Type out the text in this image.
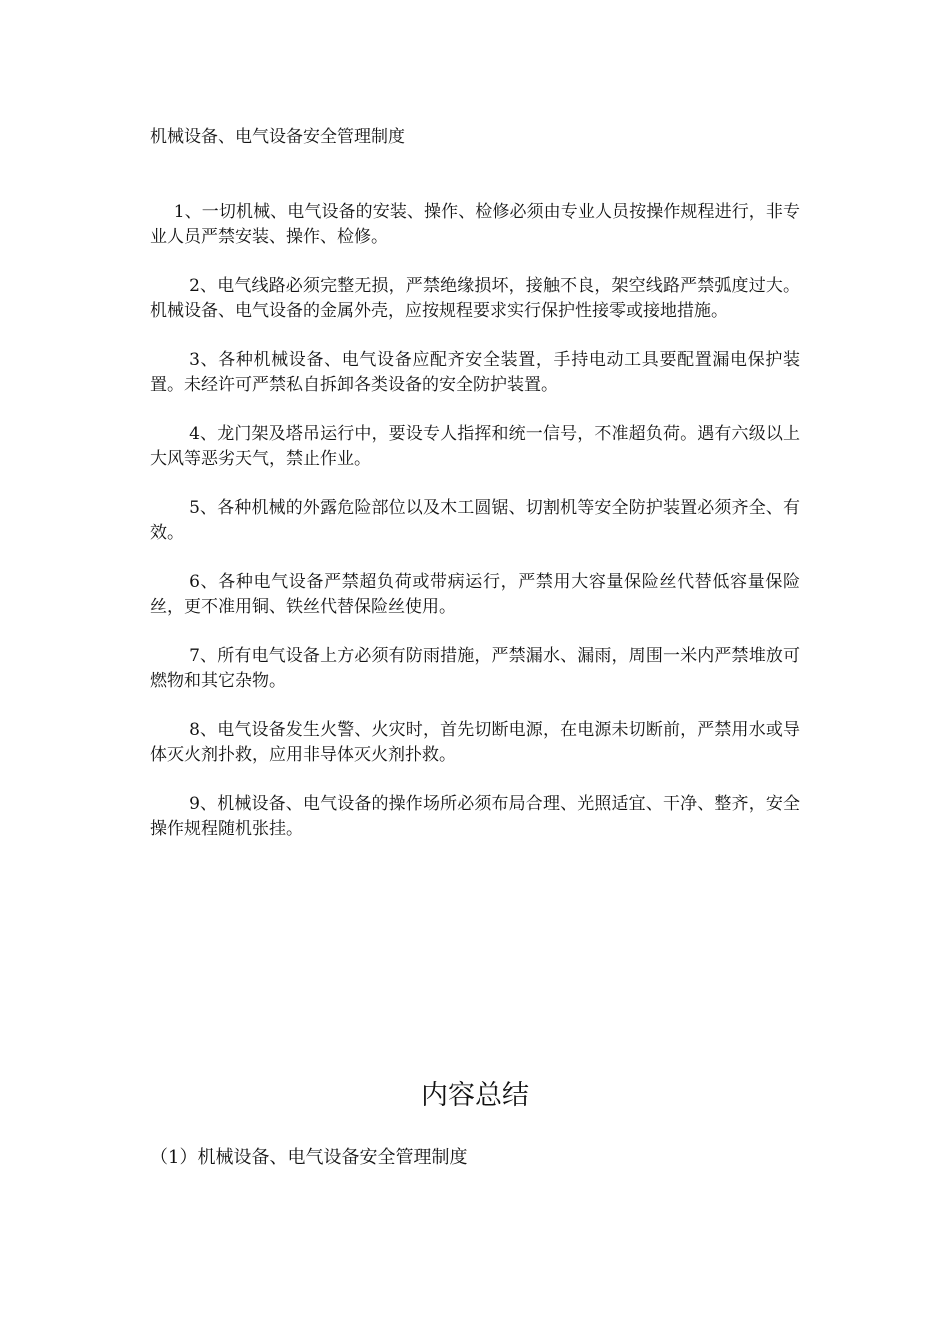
机械设备、电气设备安全管理制度

1、一切机械、电气设备的安装、操作、检修必须由专业人员按操作规程进行，非专业人员严禁安装、操作、检修。

2、电气线路必须完整无损，严禁绝缘损坏，接触不良，架空线路严禁弧度过大。机械设备、电气设备的金属外壳，应按规程要求实行保护性接零或接地措施。

3、各种机械设备、电气设备应配齐安全装置，手持电动工具要配置漏电保护装置。未经许可严禁私自拆卸各类设备的安全防护装置。

4、龙门架及塔吊运行中，要设专人指挥和统一信号，不准超负荷。遇有六级以上大风等恶劣天气，禁止作业。

5、各种机械的外露危险部位以及木工圆锯、切割机等安全防护装置必须齐全、有效。

6、各种电气设备严禁超负荷或带病运行，严禁用大容量保险丝代替低容量保险丝，更不准用铜、铁丝代替保险丝使用。

7、所有电气设备上方必须有防雨措施，严禁漏水、漏雨，周围一米内严禁堆放可燃物和其它杂物。

8、电气设备发生火警、火灾时，首先切断电源，在电源未切断前，严禁用水或导体灭火剂扑救，应用非导体灭火剂扑救。

9、机械设备、电气设备的操作场所必须布局合理、光照适宜、干净、整齐，安全操作规程随机张挂。

内容总结

（1）机械设备、电气设备安全管理制度
